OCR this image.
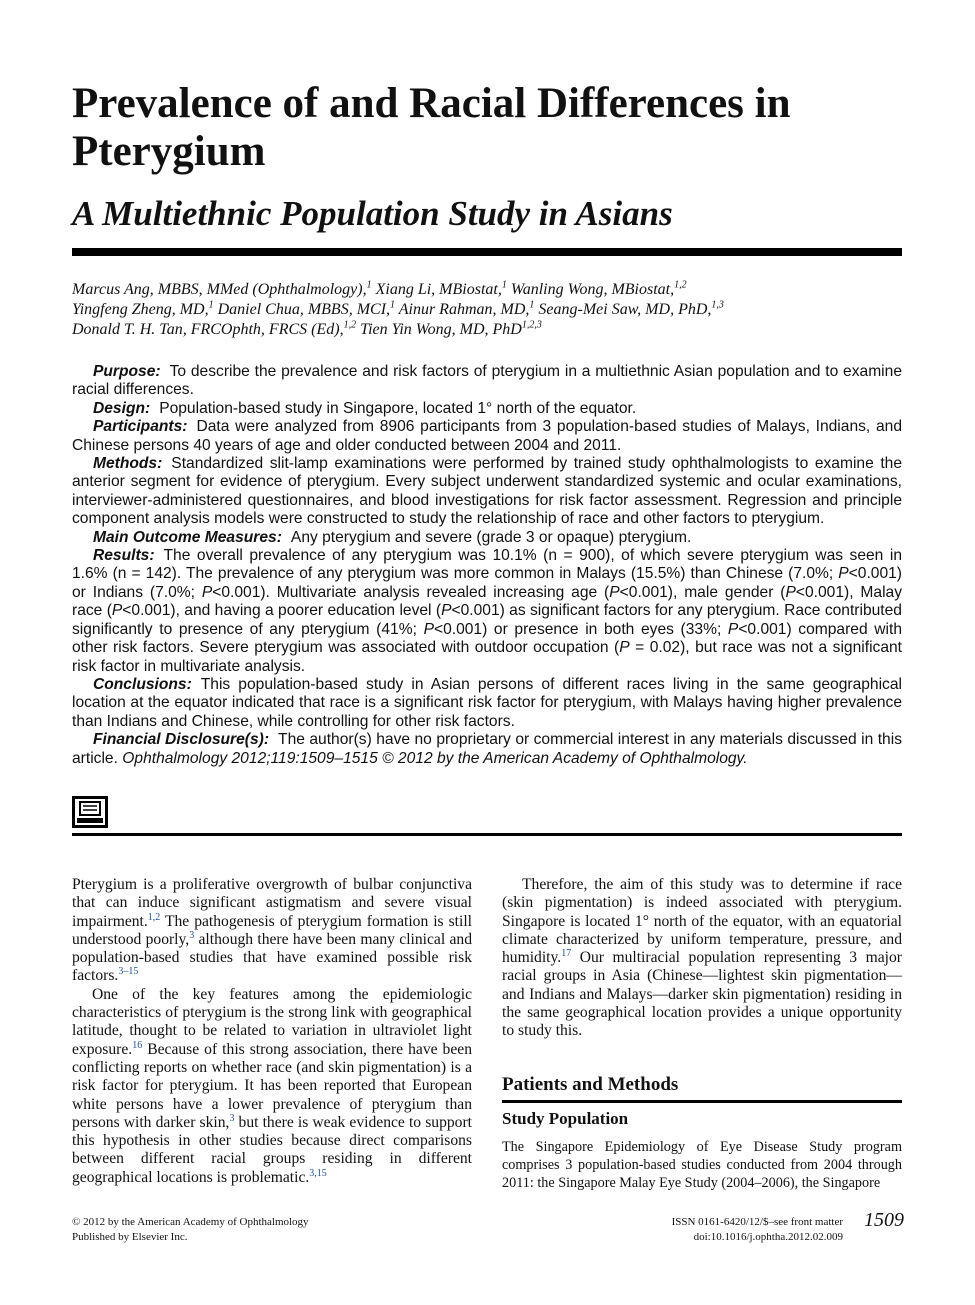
Prevalence of and Racial Differences in Pterygium
A Multiethnic Population Study in Asians
Marcus Ang, MBBS, MMed (Ophthalmology),$^1$ Xiang Li, MBiostat,$^1$ Wanling Wong, MBiostat,$^{1,2}$
Yingfeng Zheng, MD,$^1$ Daniel Chua, MBBS, MCI,$^1$ Ainur Rahman, MD,$^1$ Seang-Mei Saw, MD, PhD,$^{1,3}$
Donald T. H. Tan, FRCOphth, FRCS (Ed),$^{1,2}$ Tien Yin Wong, MD, PhD$^{1,2,3}$

Purpose: To describe the prevalence and risk factors of pterygium in a multiethnic Asian population and to examine racial differences.

Design: Population-based study in Singapore, located 1° north of the equator.

Participants: Data were analyzed from 8906 participants from 3 population-based studies of Malays, Indians, and Chinese persons 40 years of age and older conducted between 2004 and 2011.

Methods: Standardized slit-lamp examinations were performed by trained study ophthalmologists to examine the anterior segment for evidence of pterygium. Every subject underwent standardized systemic and ocular examinations, interviewer-administered questionnaires, and blood investigations for risk factor assessment. Regression and principle component analysis models were constructed to study the relationship of race and other factors to pterygium.

Main Outcome Measures: Any pterygium and severe (grade 3 or opaque) pterygium.

Results: The overall prevalence of any pterygium was 10.1% (n = 900), of which severe pterygium was seen in 1.6% (n = 142). The prevalence of any pterygium was more common in Malays (15.5%) than Chinese (7.0%; P<0.001) or Indians (7.0%; P<0.001). Multivariate analysis revealed increasing age (P<0.001), male gender (P<0.001), Malay race (P<0.001), and having a poorer education level (P<0.001) as significant factors for any pterygium. Race contributed significantly to presence of any pterygium (41%; P<0.001) or presence in both eyes (33%; P<0.001) compared with other risk factors. Severe pterygium was associated with outdoor occupation (P = 0.02), but race was not a significant risk factor in multivariate analysis.

Conclusions: This population-based study in Asian persons of different races living in the same geographical location at the equator indicated that race is a significant risk factor for pterygium, with Malays having higher prevalence than Indians and Chinese, while controlling for other risk factors.

Financial Disclosure(s): The author(s) have no proprietary or commercial interest in any materials discussed in this article. Ophthalmology 2012;119:1509–1515 © 2012 by the American Academy of Ophthalmology.

Pterygium is a proliferative overgrowth of bulbar conjunctiva that can induce significant astigmatism and severe visual impairment.$^{1,2}$ The pathogenesis of pterygium formation is still understood poorly,$^3$ although there have been many clinical and population-based studies that have examined possible risk factors.$^{3-15}$

One of the key features among the epidemiologic characteristics of pterygium is the strong link with geographical latitude, thought to be related to variation in ultraviolet light exposure.$^{16}$ Because of this strong association, there have been conflicting reports on whether race (and skin pigmentation) is a risk factor for pterygium. It has been reported that European white persons have a lower prevalence of pterygium than persons with darker skin,$^3$ but there is weak evidence to support this hypothesis in other studies because direct comparisons between different racial groups residing in different geographical locations is problematic.$^{3,15}$

Therefore, the aim of this study was to determine if race (skin pigmentation) is indeed associated with pterygium. Singapore is located 1° north of the equator, with an equatorial climate characterized by uniform temperature, pressure, and humidity.$^{17}$ Our multiracial population representing 3 major racial groups in Asia (Chinese—lightest skin pigmentation—and Indians and Malays—darker skin pigmentation) residing in the same geographical location provides a unique opportunity to study this.

Patients and Methods
Study Population

The Singapore Epidemiology of Eye Disease Study program comprises 3 population-based studies conducted from 2004 through 2011: the Singapore Malay Eye Study (2004–2006), the Singapore

© 2012 by the American Academy of Ophthalmology
Published by Elsevier Inc.
ISSN 0161-6420/12/$–see front matter
doi:10.1016/j.ophtha.2012.02.009
1509
